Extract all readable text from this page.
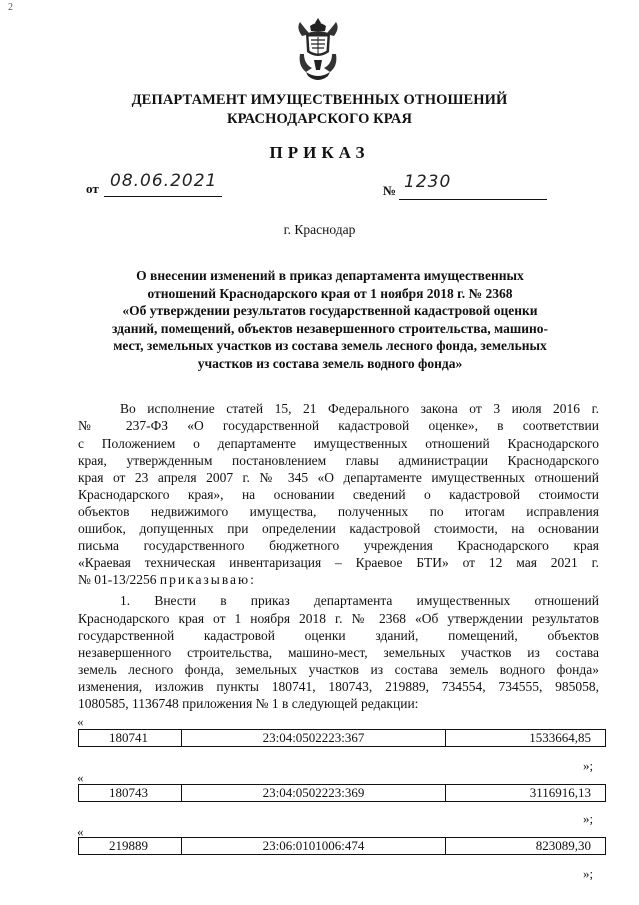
2
ДЕПАРТАМЕНТ ИМУЩЕСТВЕННЫХ ОТНОШЕНИЙ
КРАСНОДАРСКОГО КРАЯ
ПРИКАЗ
от 08.06.2021	№ 1230
г. Краснодар
О внесении изменений в приказ департамента имущественных
отношений Краснодарского края от 1 ноября 2018 г. № 2368
«Об утверждении результатов государственной кадастровой оценки
зданий, помещений, объектов незавершенного строительства, машино-
мест, земельных участков из состава земель лесного фонда, земельных
участков из состава земель водного фонда»
Во исполнение статей 15, 21 Федерального закона от 3 июля 2016 г.
№ 237-ФЗ «О государственной кадастровой оценке», в соответствии
с Положением о департаменте имущественных отношений Краснодарского
края, утвержденным постановлением главы администрации Краснодарского
края от 23 апреля 2007 г. № 345 «О департаменте имущественных отношений
Краснодарского края», на основании сведений о кадастровой стоимости
объектов недвижимого имущества, полученных по итогам исправления
ошибок, допущенных при определении кадастровой стоимости, на основании
письма государственного бюджетного учреждения Краснодарского края
«Краевая техническая инвентаризация – Краевое БТИ» от 12 мая 2021 г.
№ 01-13/2256 приказываю:
1. Внести в приказ департамента имущественных отношений
Краснодарского края от 1 ноября 2018 г. № 2368 «Об утверждении результатов
государственной кадастровой оценки зданий, помещений, объектов
незавершенного строительства, машино-мест, земельных участков из состава
земель лесного фонда, земельных участков из состава земель водного фонда»
изменения, изложив пункты 180741, 180743, 219889, 734554, 734555, 985058,
1080585, 1136748 приложения № 1 в следующей редакции:
«
180741	23:04:0502223:367	1533664,85
»;
«
180743	23:04:0502223:369	3116916,13
»;
«
219889	23:06:0101006:474	823089,30
»;
